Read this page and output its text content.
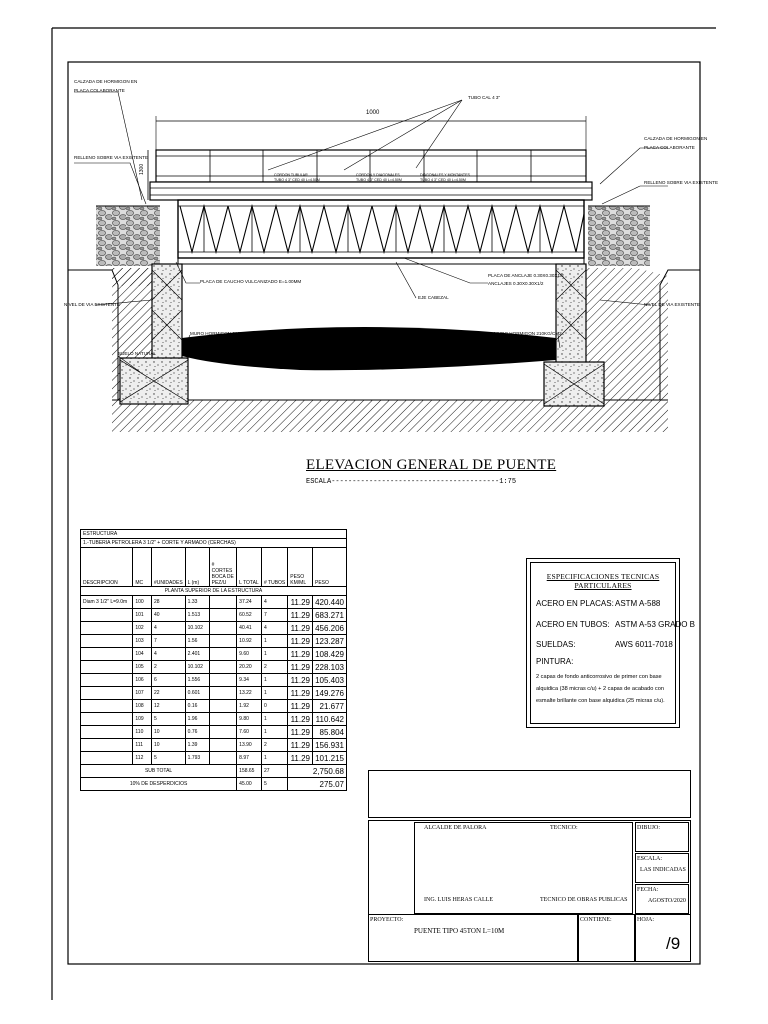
CALZADA DE HORMIGON EN
PLACA COLABORANTE
RELLENO SOBRE VIA EXISTENTE
TUBO CAL 4 3"
CALZADA DE HORMIGON EN
PLACA COLABORANTE
RELLENO SOBRE VIA EXISTENTE
1000
1300	CORDON TUBULAR
TUBO 4 3" CED 40 L=4.50M
CORDON Y DIAGONALES
TUBO 4 3" CED 40 L=4.50M
DIAGONALES Y MONTANTES
TUBO 4 3" CED 40 L=4.50M
PLACA DE CAUCHO VULCANIZADO E=1.00MM
PLACA DE ANCLAJE 0.30X0.30X1/2
ANCLAJES 0.30X0.30X1/2
EJE CABEZAL
NIVEL DE VIA EXISTENTE	NIVEL DE VIA EXISTENTE
MURO HORMIGON 210KG/CM2	MURO HORMIGON 210KG/CM2
SUELO NATURAL
ELEVACION GENERAL DE PUENTE
ESCALA----------------------------------------1:75
ESTRUCTURA								
1.-TUBERIA PETROLERA 3 1/2" + CORTE Y ARMADO (CERCHAS)								
DESCRIPCION	MC	#UNIDADES	L (m)	# CORTES BOCA DE PEZ/U	L TOTAL	# TUBOS	PESO KM/ML	PESO
PLANTA SUPERIOR DE LA ESTRUCTURA								
Diam 3 1/2" L=9.0m	100	28	1.33		37.24	4	11.29	420.440
	101	40	1.513		60.52	7	11.29	683.271
	102	4	10.102		40.41	4	11.29	456.206
	103	7	1.56		10.92	1	11.29	123.287
	104	4	2.401		9.60	1	11.29	108.429
	105	2	10.102		20.20	2	11.29	228.103
	106	6	1.556		9.34	1	11.29	105.403
	107	22	0.601		13.22	1	11.29	149.276
	108	12	0.16		1.92	0	11.29	21.677
	109	5	1.96		9.80	1	11.29	110.642
	110	10	0.76		7.60	1	11.29	85.804
	111	10	1.39		13.90	2	11.29	156.931
	112	5	1.793		8.97	1	11.29	101.215
SUB TOTAL					158.65	27	2,750.68	
10% DE DESPERDICIOS					45.00	5	275.07	
ESPECIFICACIONES TECNICAS PARTICULARES
ACERO EN PLACAS: ASTM A-588
ACERO EN TUBOS: ASTM A-53 GRADO B
SUELDAS:	AWS 6011-7018
PINTURA:
2 capas de fondo anticorrosivo de primer con base alquidica (38 micras c/u) + 2 capas de acabado con esmalte brillante con base alquidica (25 micras c/u).
ALCALDE DE PALORA	TECNICO:	DIBUJO:
ESCALA:
LAS INDICADAS
ING. LUIS HERAS CALLE	TECNICO DE OBRAS PUBLICAS
FECHA:
AGOSTO/2020
PROYECTO:
PUENTE TIPO 45TON L=10M
CONTIENE:	HOJA:
/9
